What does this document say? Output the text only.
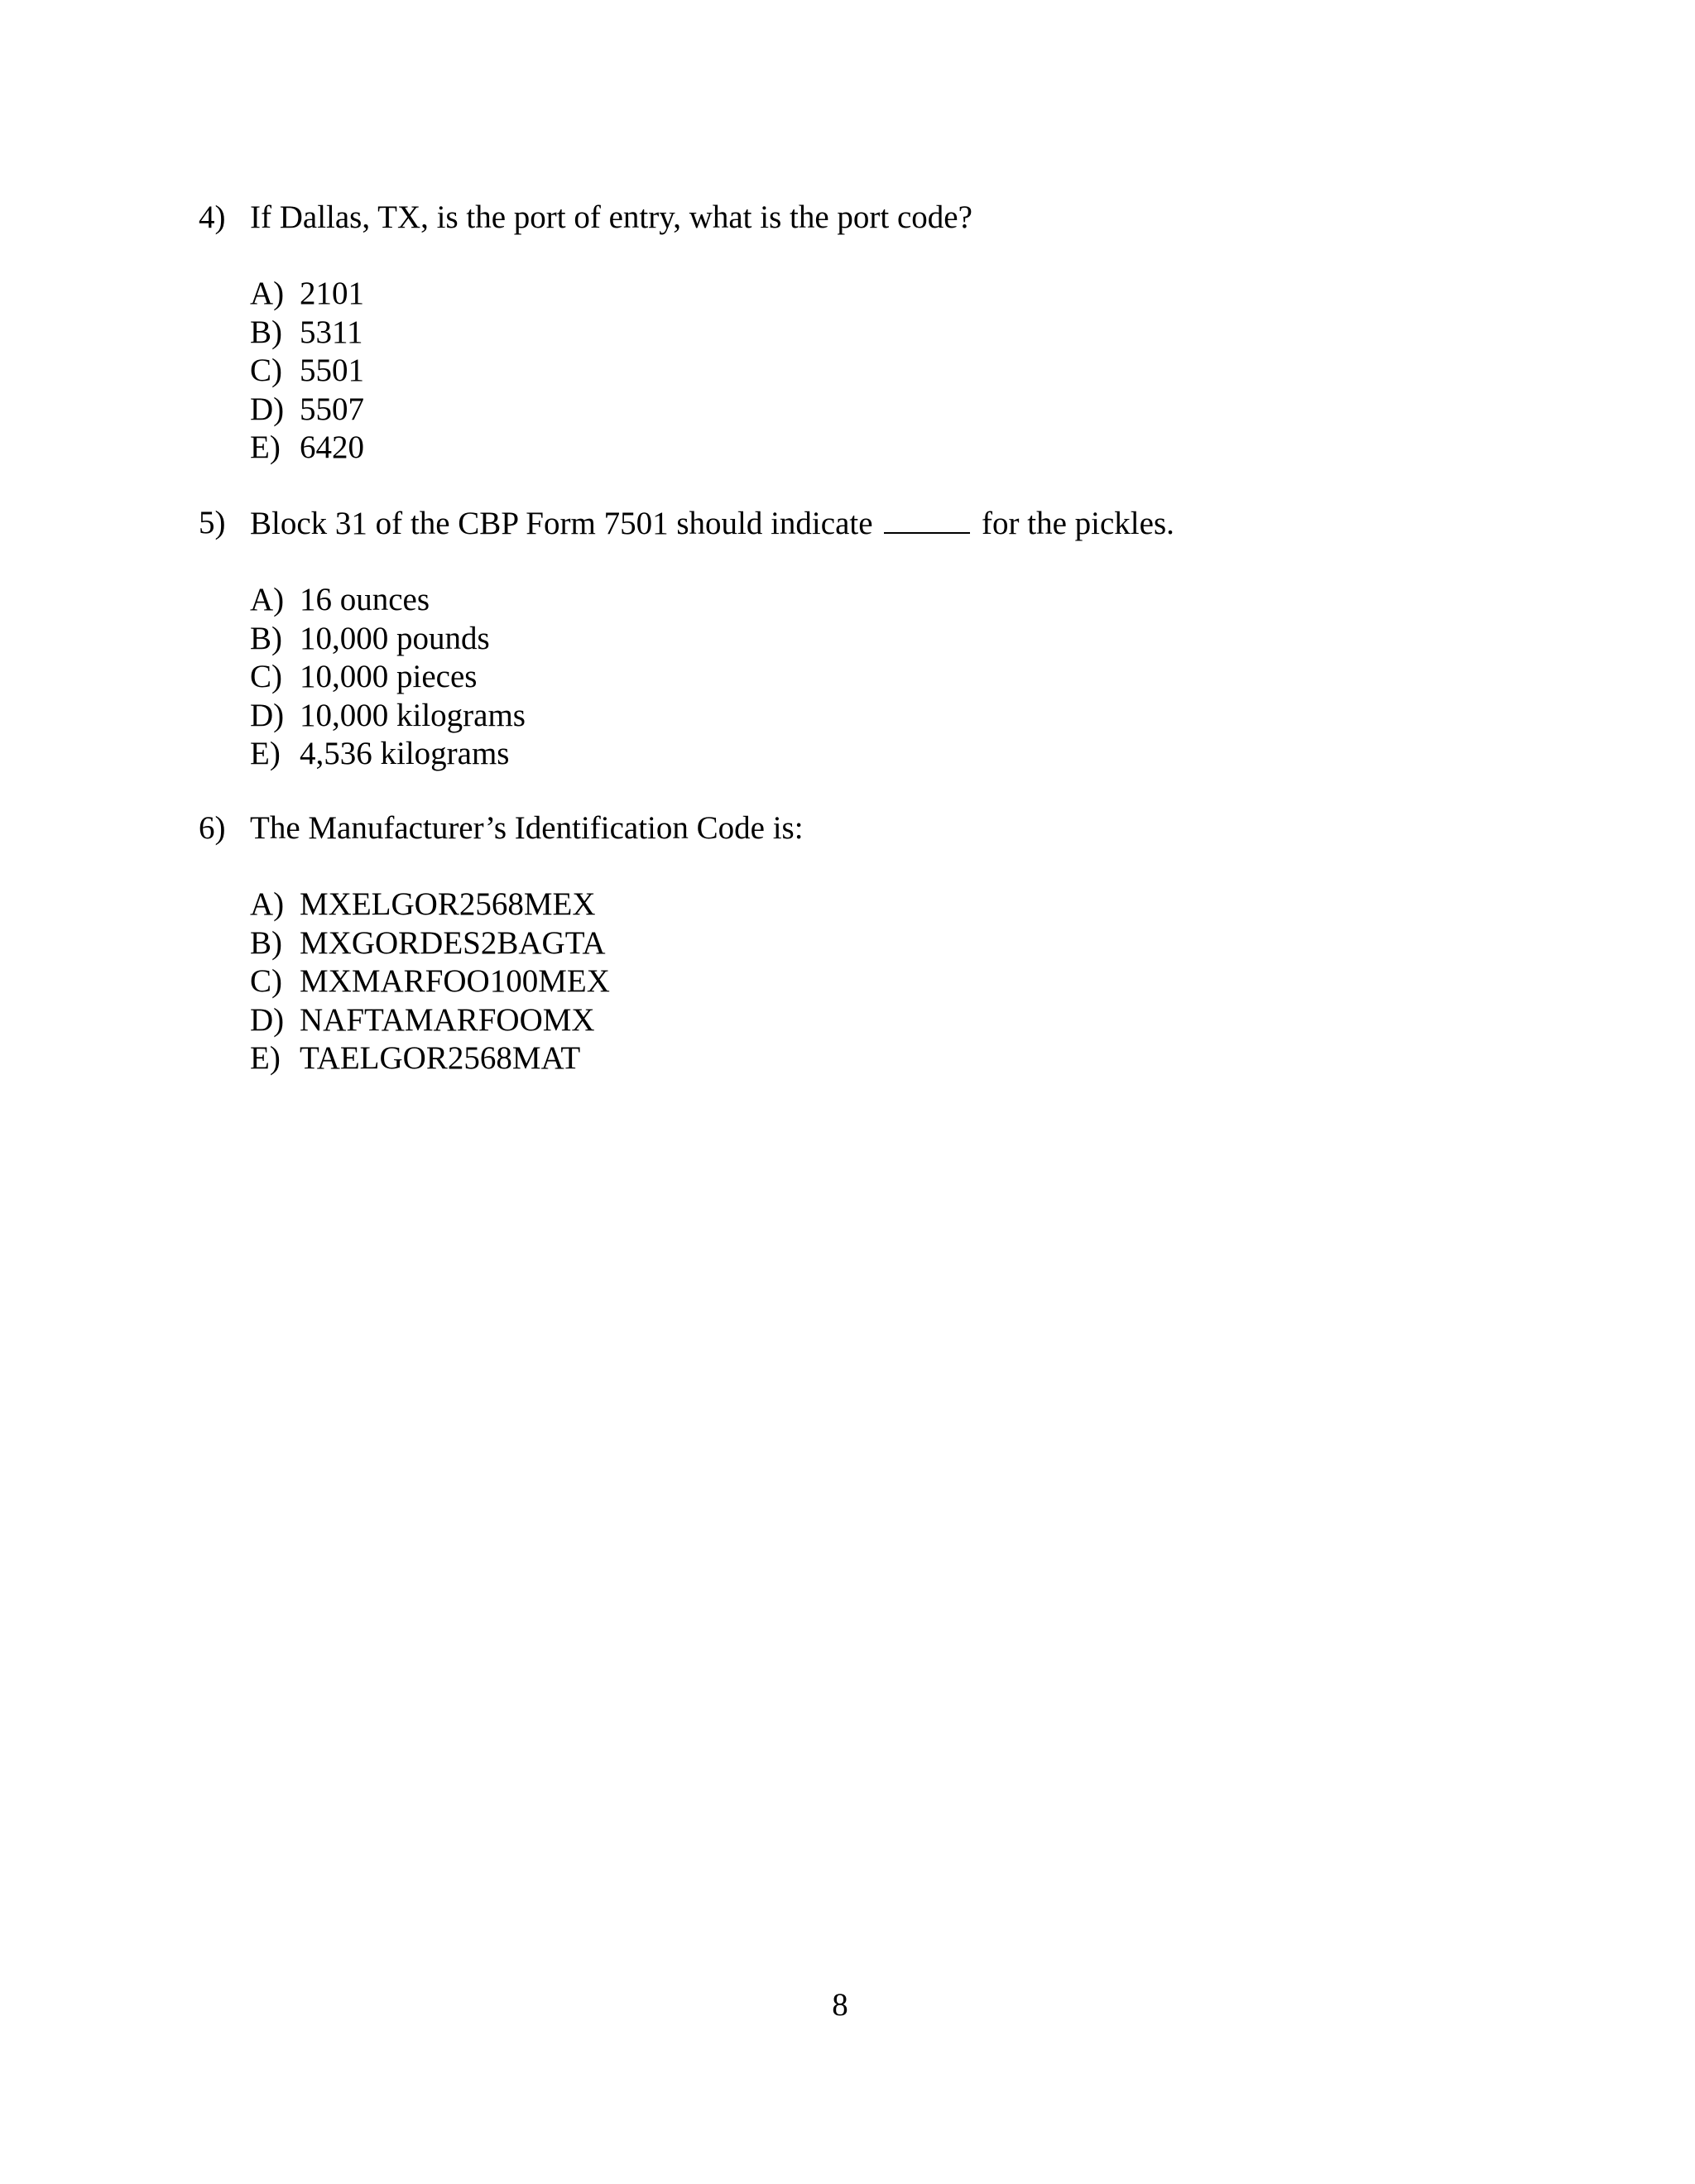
4) If Dallas, TX, is the port of entry, what is the port code?
A) 2101
B) 5311
C) 5501
D) 5507
E) 6420
5) Block 31 of the CBP Form 7501 should indicate	for the pickles.
A) 16 ounces
B) 10,000 pounds
C) 10,000 pieces
D) 10,000 kilograms
E) 4,536 kilograms
6) The Manufacturer’s Identification Code is:
A) MXELGOR2568MEX
B) MXGORDES2BAGTA
C) MXMARFOO100MEX
D) NAFTAMARFOOMX
E) TAELGOR2568MAT
8
